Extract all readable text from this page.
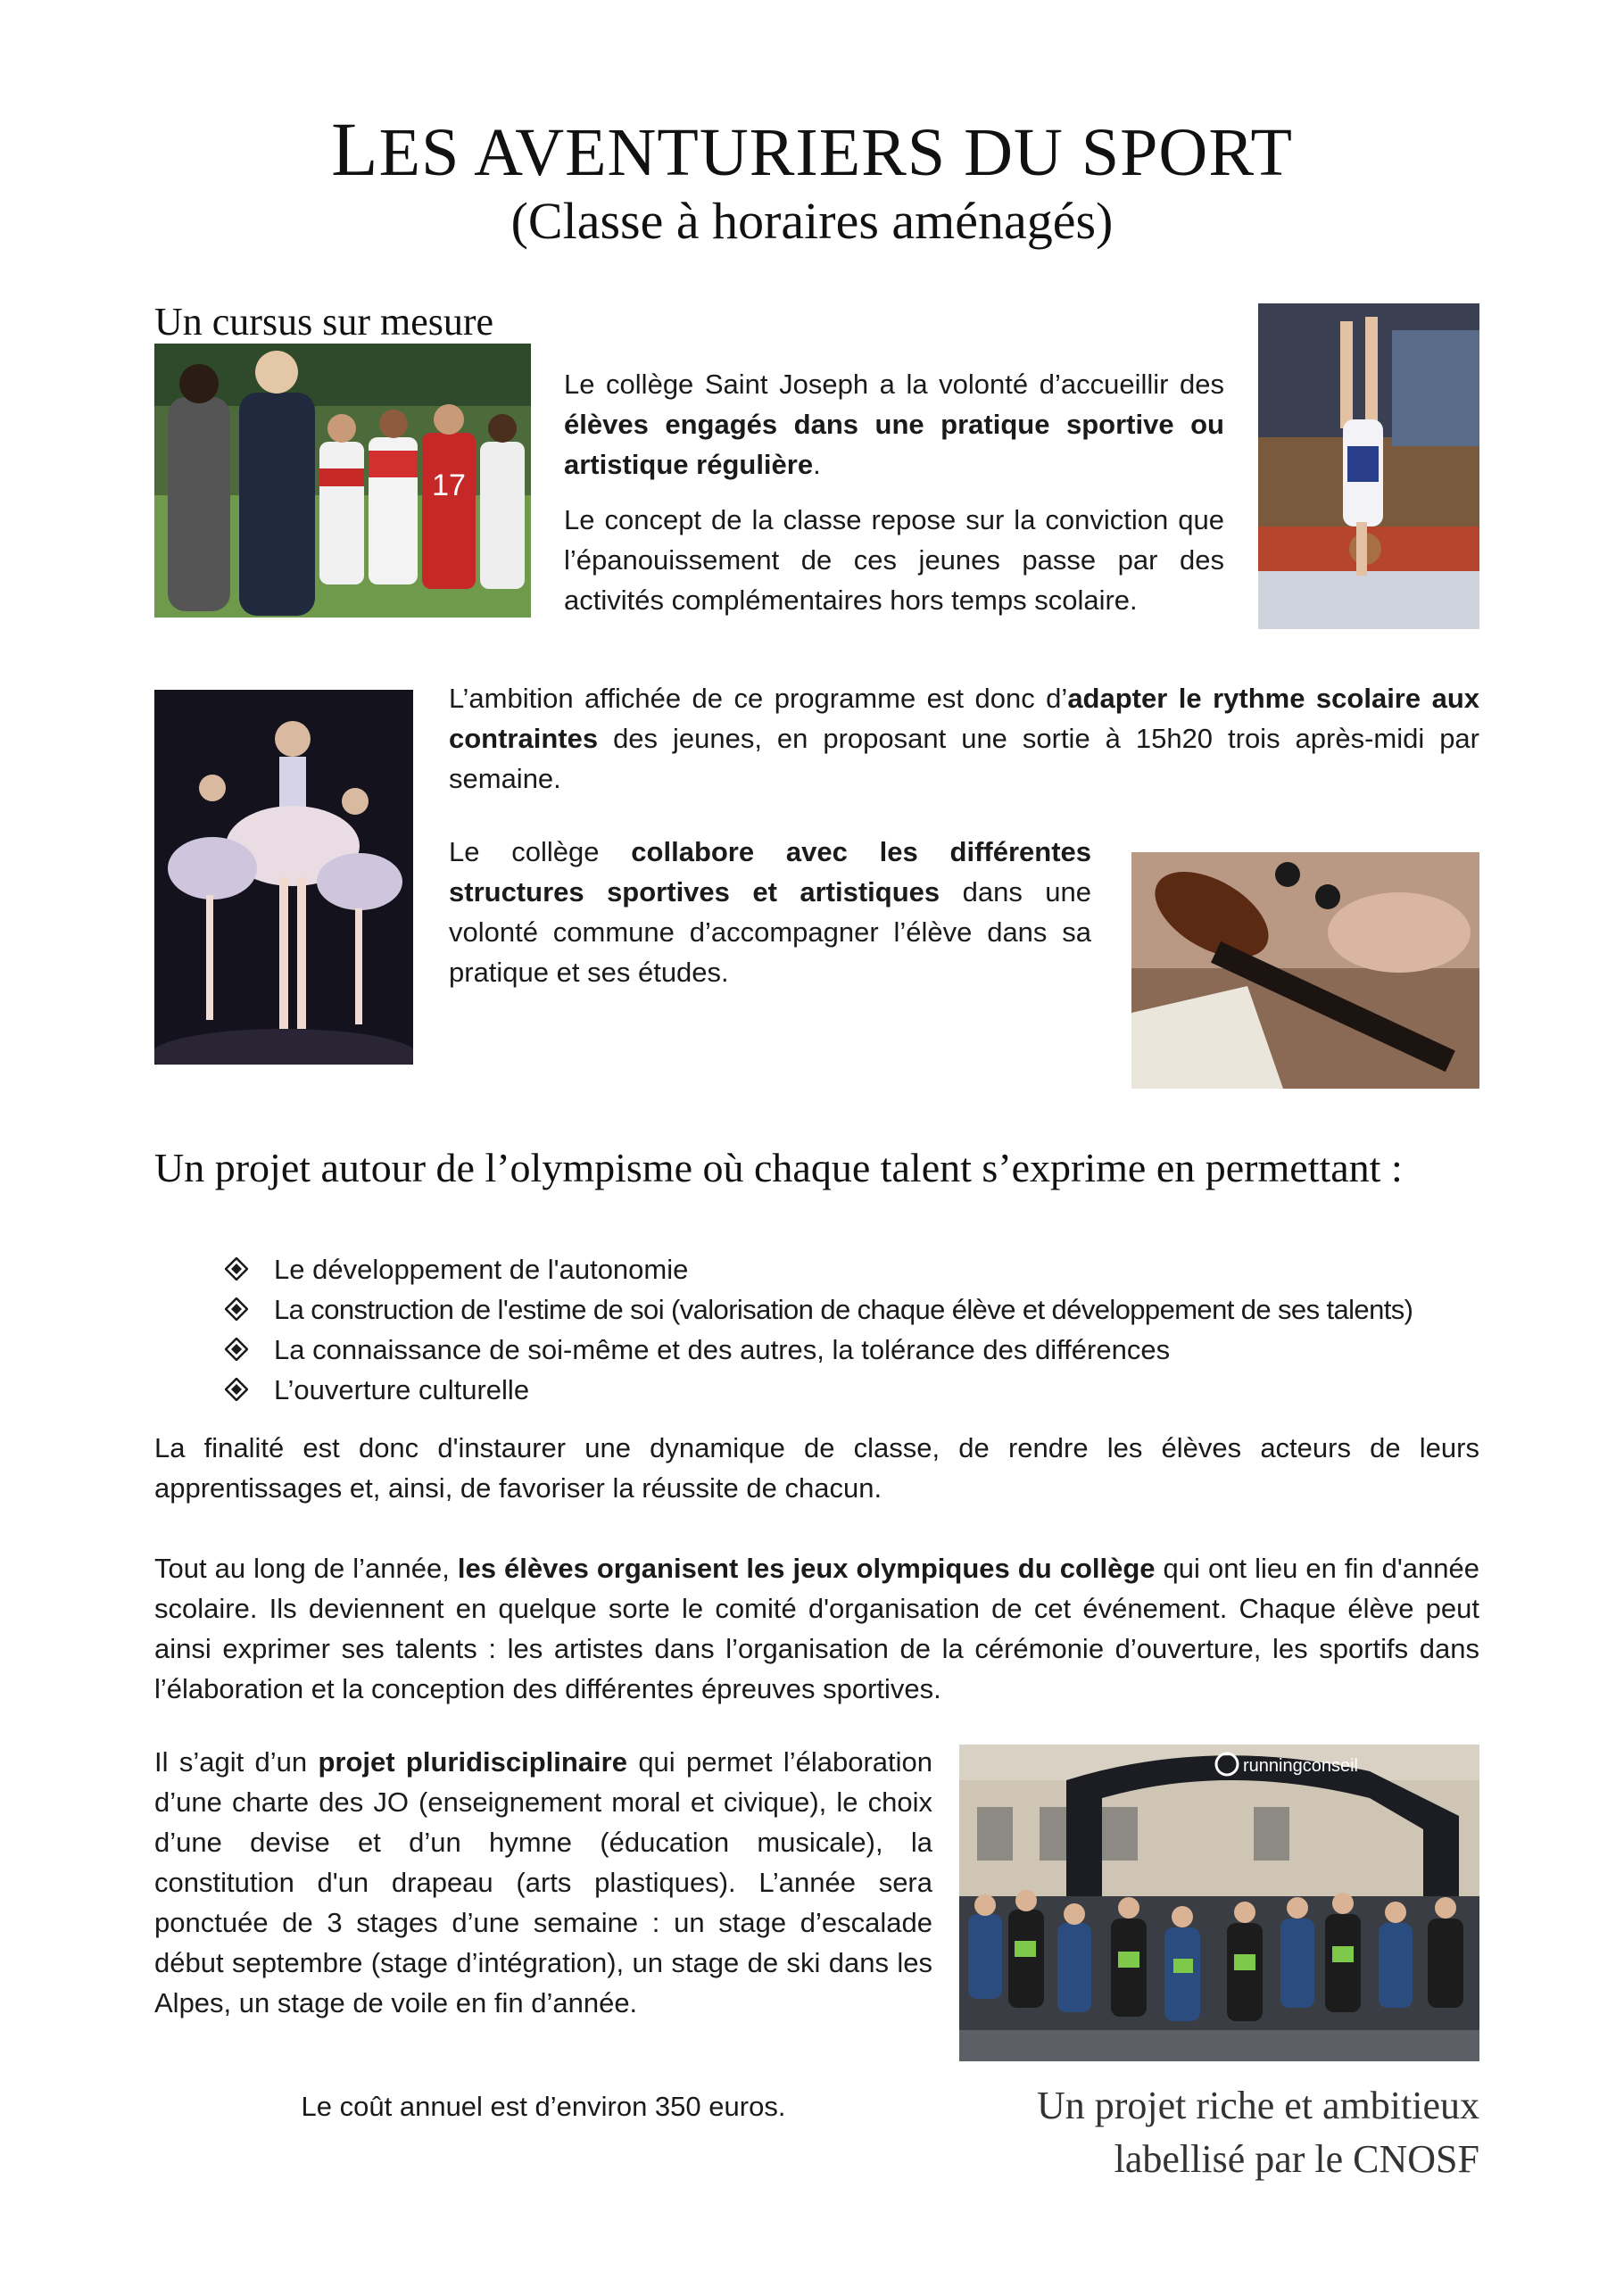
LES AVENTURIERS DU SPORT
(Classe à horaires aménagés)
Un cursus sur mesure
17

Le collège Saint Joseph a la volonté d’accueillir des élèves engagés dans une pratique sportive ou artistique régulière.

Le concept de la classe repose sur la conviction que l’épanouissement de ces jeunes passe par des activités complémentaires hors temps scolaire.

L’ambition affichée de ce programme est donc d’adapter le rythme scolaire aux contraintes des jeunes, en proposant une sortie à 15h20 trois après-midi par semaine.

Le collège collabore avec les différentes structures sportives et artistiques dans une volonté commune d’accompagner l’élève dans sa pratique et ses études.

Un projet autour de l’olympisme où chaque talent s’exprime en permettant :
Le développement de l'autonomie
La construction de l'estime de soi (valorisation de chaque élève et développement de ses talents)
La connaissance de soi-même et des autres, la tolérance des différences
L’ouverture culturelle

La finalité est donc d'instaurer une dynamique de classe, de rendre les élèves acteurs de leurs apprentissages et, ainsi, de favoriser la réussite de chacun.

Tout au long de l’année, les élèves organisent les jeux olympiques du collège qui ont lieu en fin d'année scolaire. Ils deviennent en quelque sorte le comité d'organisation de cet événement. Chaque élève peut ainsi exprimer ses talents : les artistes dans l’organisation de la cérémonie d’ouverture, les sportifs dans l’élaboration et la conception des différentes épreuves sportives.

Il s’agit d’un projet pluridisciplinaire qui permet l’élaboration d’une charte des JO (enseignement moral et civique), le choix d’une devise et d’un hymne (éducation musicale), la constitution d'un drapeau (arts plastiques). L’année sera ponctuée de 3 stages d’une semaine : un stage d’escalade début septembre (stage d’intégration), un stage de ski dans les Alpes, un stage de voile en fin d’année.

runningconseil
Le coût annuel est d’environ 350 euros.	Un projet riche et ambitieux
labellisé par le CNOSF
